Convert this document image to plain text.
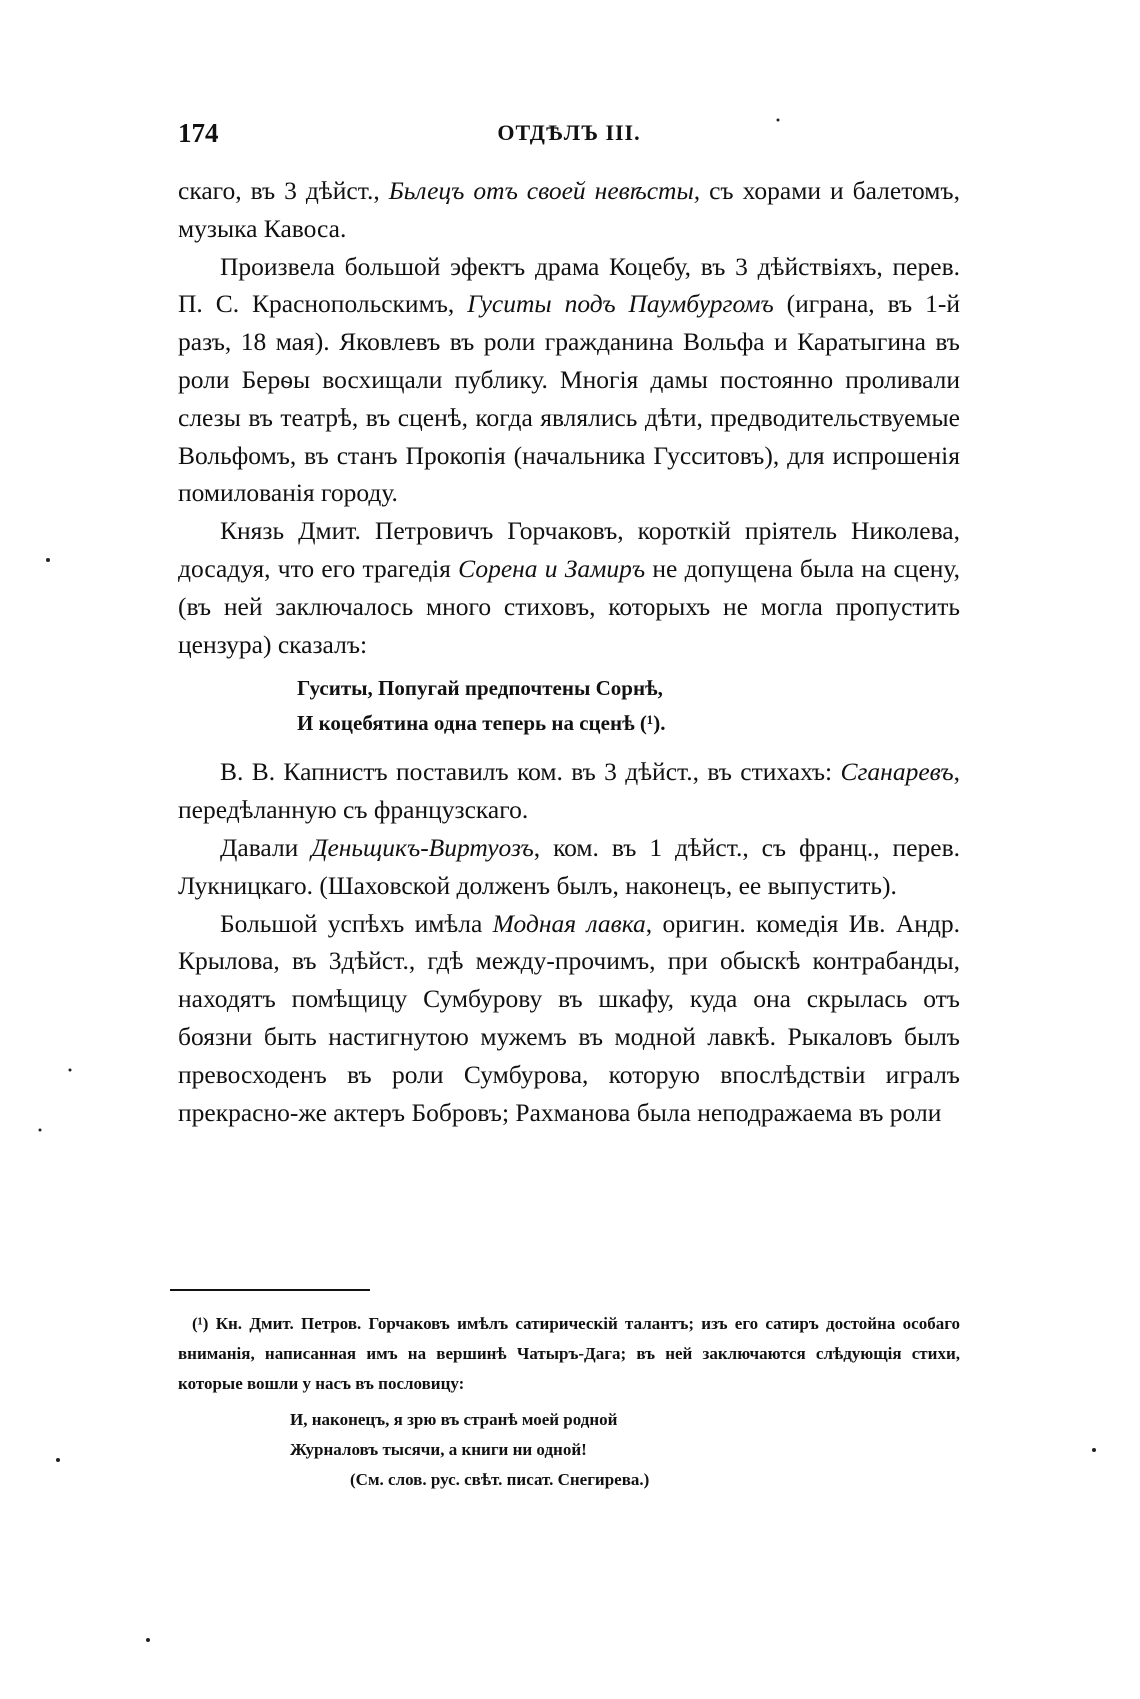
174	ОТДѢЛЪ III.

скаго, въ 3 дѣйст., Бьлецъ отъ своей невѣсты, съ хорами и балетомъ, музыка Кавоса.

Произвела большой эфектъ драма Коцебу, въ 3 дѣйствіяхъ, перев. П. С. Краснопольскимъ, Гуситы подъ Паумбургомъ (играна, въ 1-й разъ, 18 мая). Яковлевъ въ роли гражданина Вольфа и Каратыгина въ роли Берѳы восхищали публику. Многія дамы постоянно проливали слезы въ театрѣ, въ сценѣ, когда являлись дѣти, предводительствуемые Вольфомъ, въ станъ Прокопія (начальника Гусситовъ), для испрошенія помилованія городу.

Князь Дмит. Петровичъ Горчаковъ, короткій пріятель Николева, досадуя, что его трагедія Сорена и Замиръ не допущена была на сцену, (въ ней заключалось много стиховъ, которыхъ не могла пропустить цензура) сказалъ:

Гуситы, Попугай предпочтены Сорнѣ,
И коцебятина одна теперь на сценѣ (¹).

В. В. Капнистъ поставилъ ком. въ 3 дѣйст., въ стихахъ: Сганаревъ, передѣланную съ французскаго.

Давали Деньщикъ-Виртуозъ, ком. въ 1 дѣйст., съ франц., перев. Лукницкаго. (Шаховской долженъ былъ, наконецъ, ее выпустить).

Большой успѣхъ имѣла Модная лавка, оригин. комедія Ив. Андр. Крылова, въ 3дѣйст., гдѣ между-прочимъ, при обыскѣ контрабанды, находятъ помѣщицу Сумбурову въ шкафу, куда она скрылась отъ боязни быть настигнутою мужемъ въ модной лавкѣ. Рыкаловъ былъ превосходенъ въ роли Сумбурова, которую впослѣдствіи игралъ прекрасно-же актеръ Бобровъ; Рахманова была неподражаема въ роли

(¹) Кн. Дмит. Петров. Горчаковъ имѣлъ сатирическій талантъ; изъ его сатиръ достойна особаго вниманія, написанная имъ на вершинѣ Чатыръ-Дага; въ ней заключаются слѣдующія стихи, которые вошли у насъ въ пословицу:

И, наконецъ, я зрю въ странѣ моей родной
Журналовъ тысячи, а книги ни одной!
(См. слов. рус. свѣт. писат. Снегирева.)
